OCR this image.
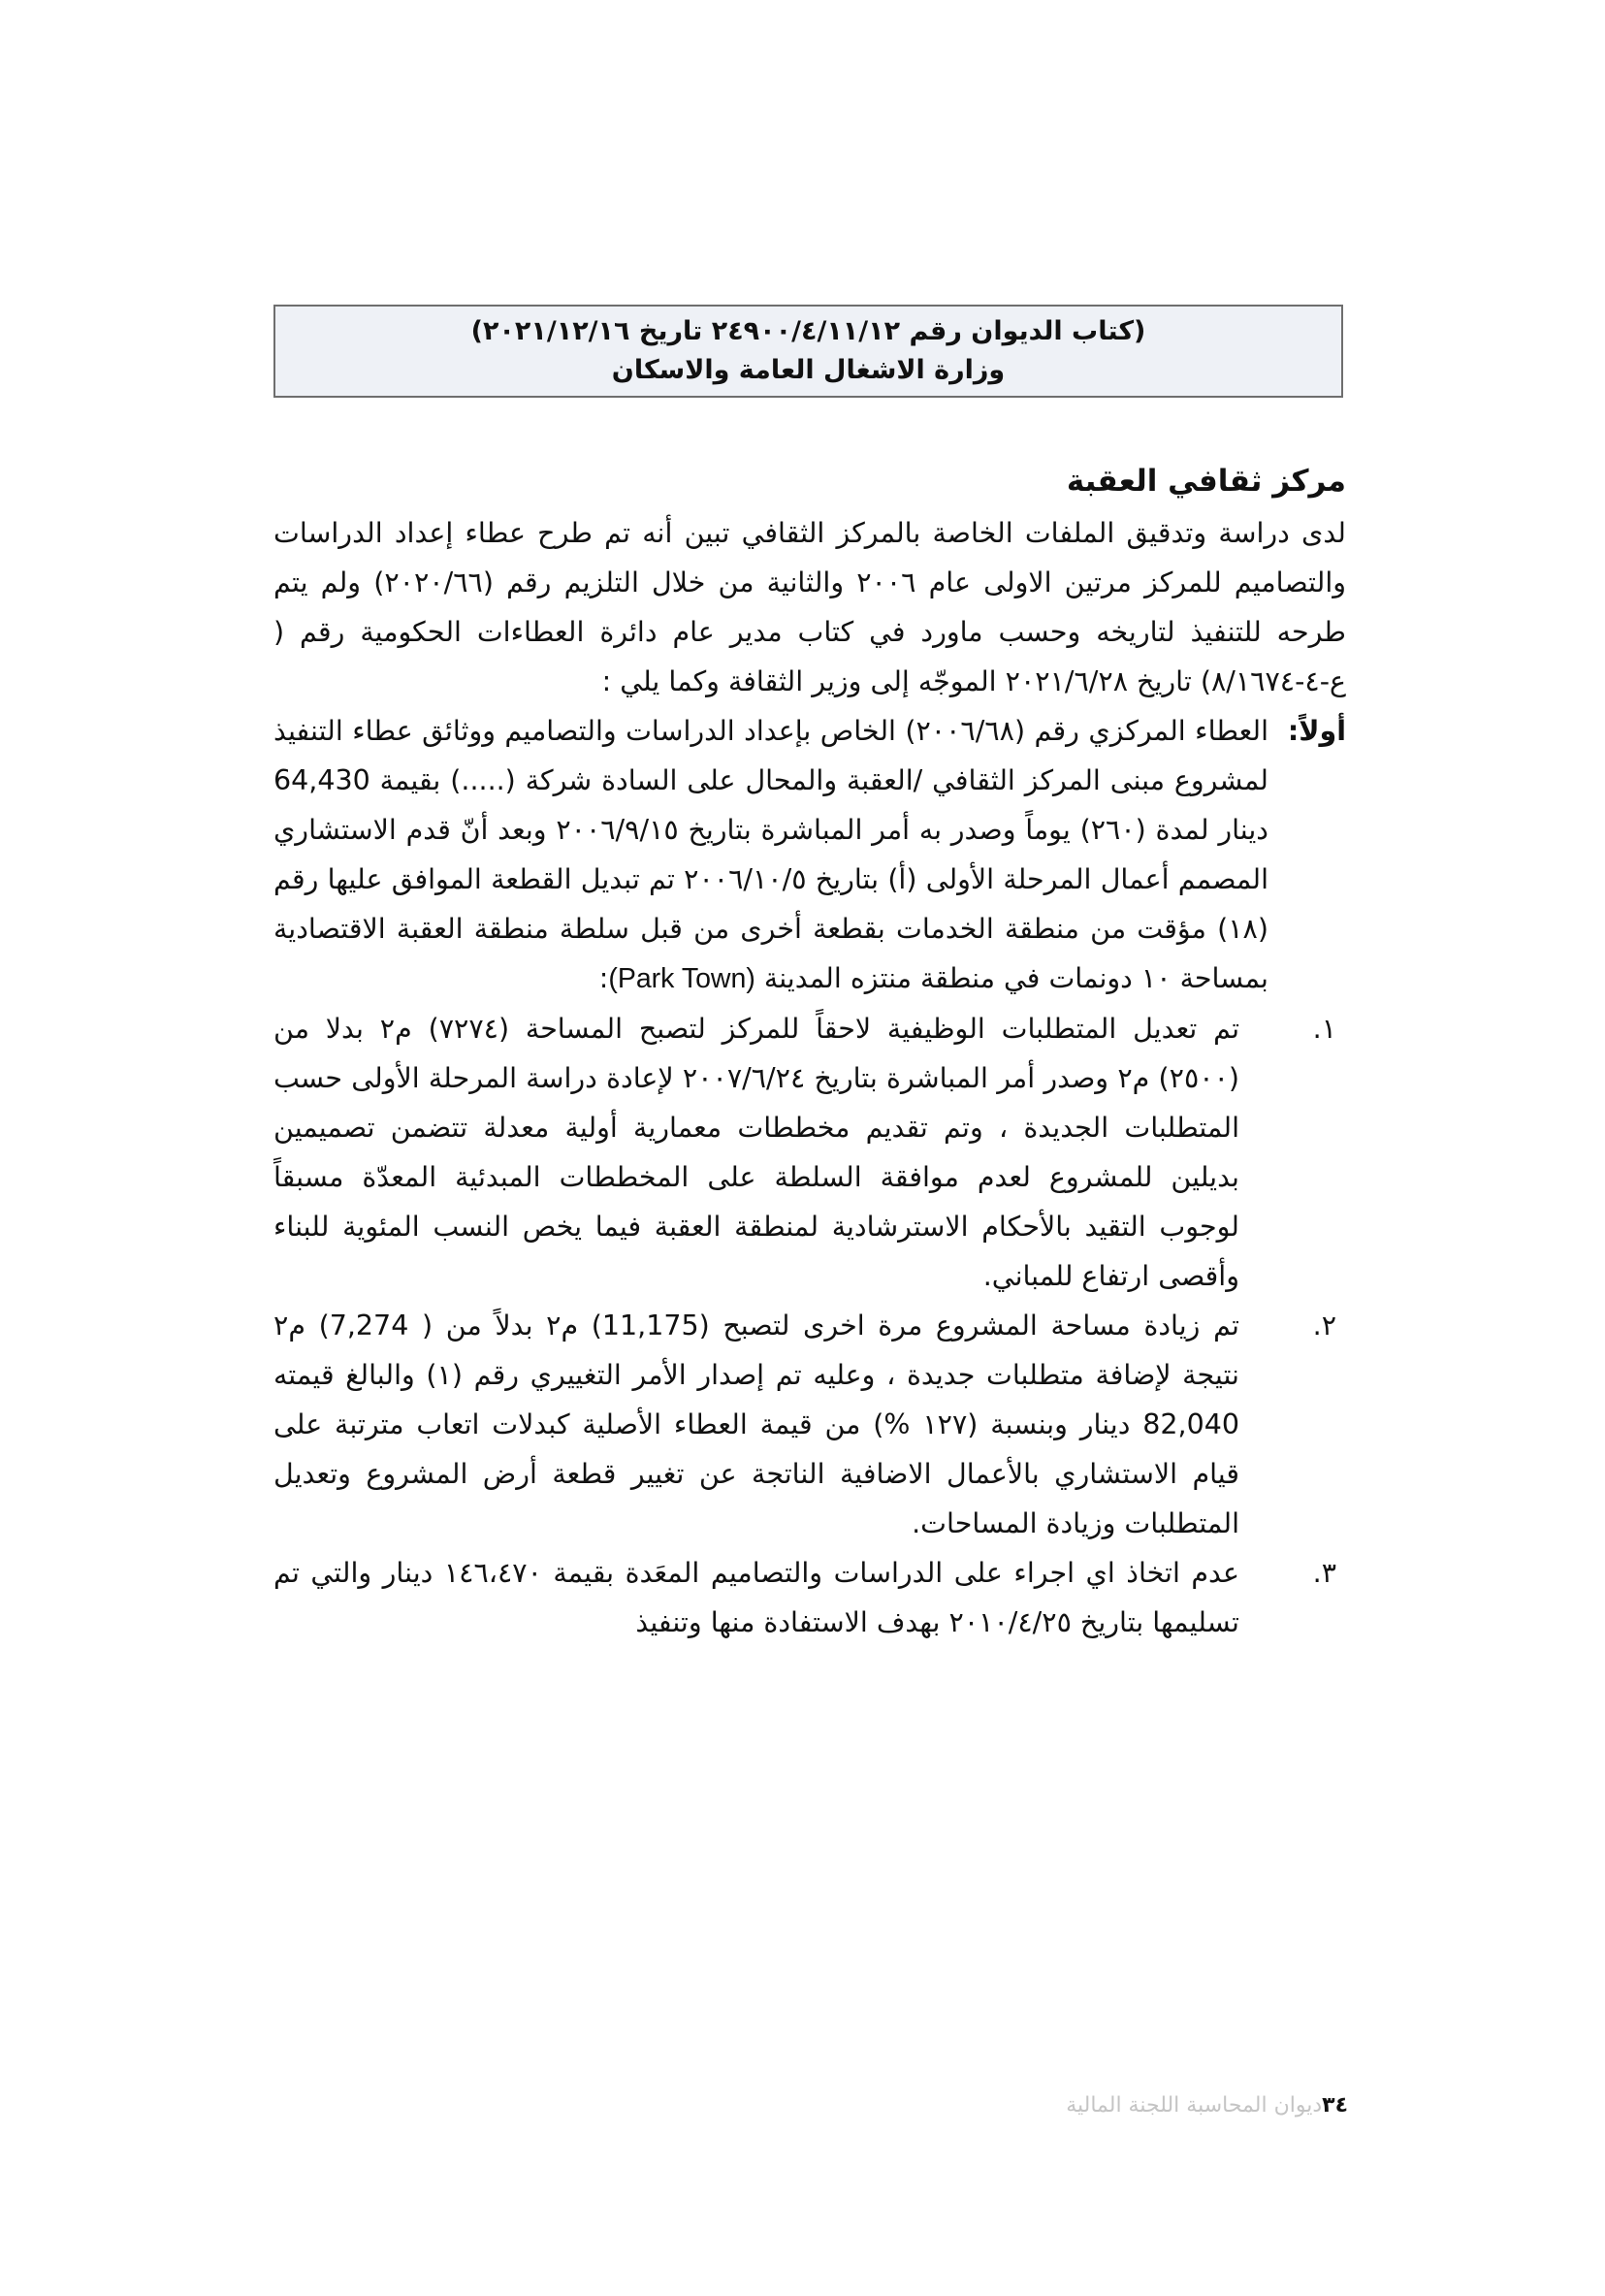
(كتاب الديوان رقم ٢٤٩٠٠/٤/١١/١٢ تاريخ ٢٠٢١/١٢/١٦)
وزارة الاشغال العامة والاسكان
مركز ثقافي العقبة
لدى دراسة وتدقيق الملفات الخاصة بالمركز الثقافي تبين أنه تم طرح عطاء إعداد الدراسات والتصاميم للمركز مرتين الاولى عام ٢٠٠٦ والثانية من خلال التلزيم رقم (٢٠٢٠/٦٦) ولم يتم طرحه للتنفيذ لتاريخه وحسب ماورد في كتاب مدير عام دائرة العطاءات الحكومية رقم ( ع-٤-٨/١٦٧٤) تاريخ ٢٠٢١/٦/٢٨ الموجّه إلى وزير الثقافة وكما يلي :
أولاً:
العطاء المركزي رقم (٢٠٠٦/٦٨) الخاص بإعداد الدراسات والتصاميم ووثائق عطاء التنفيذ لمشروع مبنى المركز الثقافي /العقبة والمحال على السادة شركة (.....) بقيمة 64,430 دينار لمدة (٢٦٠) يوماً وصدر به أمر المباشرة بتاريخ ٢٠٠٦/٩/١٥ وبعد أنّ قدم الاستشاري المصمم أعمال المرحلة الأولى (أ) بتاريخ ٢٠٠٦/١٠/٥ تم تبديل القطعة الموافق عليها رقم (١٨) مؤقت من منطقة الخدمات بقطعة أخرى من قبل سلطة منطقة العقبة الاقتصادية بمساحة ١٠ دونمات في منطقة منتزه المدينة (Park Town):
١.
تم تعديل المتطلبات الوظيفية لاحقاً للمركز لتصبح المساحة (٧٢٧٤) م٢ بدلا من (٢٥٠٠) م٢ وصدر أمر المباشرة بتاريخ ٢٠٠٧/٦/٢٤ لإعادة دراسة المرحلة الأولى حسب المتطلبات الجديدة ، وتم تقديم مخططات معمارية أولية معدلة تتضمن تصميمين بديلين للمشروع لعدم موافقة السلطة على المخططات المبدئية المعدّة مسبقاً لوجوب التقيد بالأحكام الاسترشادية لمنطقة العقبة فيما يخص النسب المئوية للبناء وأقصى ارتفاع للمباني.
٢.
تم زيادة مساحة المشروع مرة اخرى لتصبح (11,175) م٢ بدلاً من ( 7,274) م٢ نتيجة لإضافة متطلبات جديدة ، وعليه تم إصدار الأمر التغييري رقم (١) والبالغ قيمته 82,040 دينار وبنسبة (١٢٧ %) من قيمة العطاء الأصلية كبدلات اتعاب مترتبة على قيام الاستشاري بالأعمال الاضافية الناتجة عن تغيير قطعة أرض المشروع وتعديل المتطلبات وزيادة المساحات.
٣.
عدم اتخاذ اي اجراء على الدراسات والتصاميم المعَدة بقيمة ١٤٦،٤٧٠ دينار والتي تم تسليمها بتاريخ ٢٠١٠/٤/٢٥ بهدف الاستفادة منها وتنفيذ
٣٤ديوان المحاسبة اللجنة المالية
